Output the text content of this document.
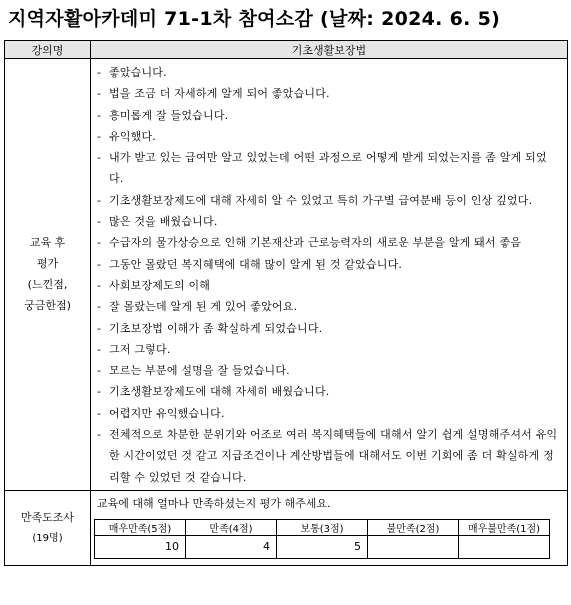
지역자활아카데미 71-1차 참여소감 (날짜: 2024. 6. 5)
강의명	기초생활보장법

교육 후
평가
(느낀점,
궁금한점)

- 좋았습니다.
- 법을 조금 더 자세하게 알게 되어 좋았습니다.
- 흥미롭게 잘 들었습니다.
- 유익했다.
- 내가 받고 있는 급여만 알고 있었는데 어떤 과정으로 어떻게 받게 되었는지를 좀 알게 되었다.
- 기초생활보장제도에 대해 자세히 알 수 있었고 특히 가구별 급여분배 등이 인상 깊었다.
- 많은 것을 배웠습니다.
- 수급자의 물가상승으로 인해 기본재산과 근로능력자의 새로운 부분을 알게 돼서 좋음
- 그동안 몰랐던 복지혜택에 대해 많이 알게 된 것 같았습니다.
- 사회보장제도의 이해
- 잘 몰랐는데 알게 된 게 있어 좋았어요.
- 기초보장법 이해가 좀 확실하게 되었습니다.
- 그저 그렇다.
- 모르는 부분에 설명을 잘 들었습니다.
- 기초생활보장제도에 대해 자세히 배웠습니다.
- 어렵지만 유익했습니다.
- 전체적으로 차분한 분위기와 어조로 여러 복지혜택들에 대해서 알기 쉽게 설명해주셔서 유익한 시간이었던 것 같고 지급조건이나 계산방법들에 대해서도 이번 기회에 좀 더 확실하게 정리할 수 있었던 것 같습니다.

만족도조사
(19명)

교육에 대해 얼마나 만족하셨는지 평가 해주세요.
매우만족(5점)	만족(4점)	보통(3점)	불만족(2점)	매우불만족(1점)
10	4	5		
